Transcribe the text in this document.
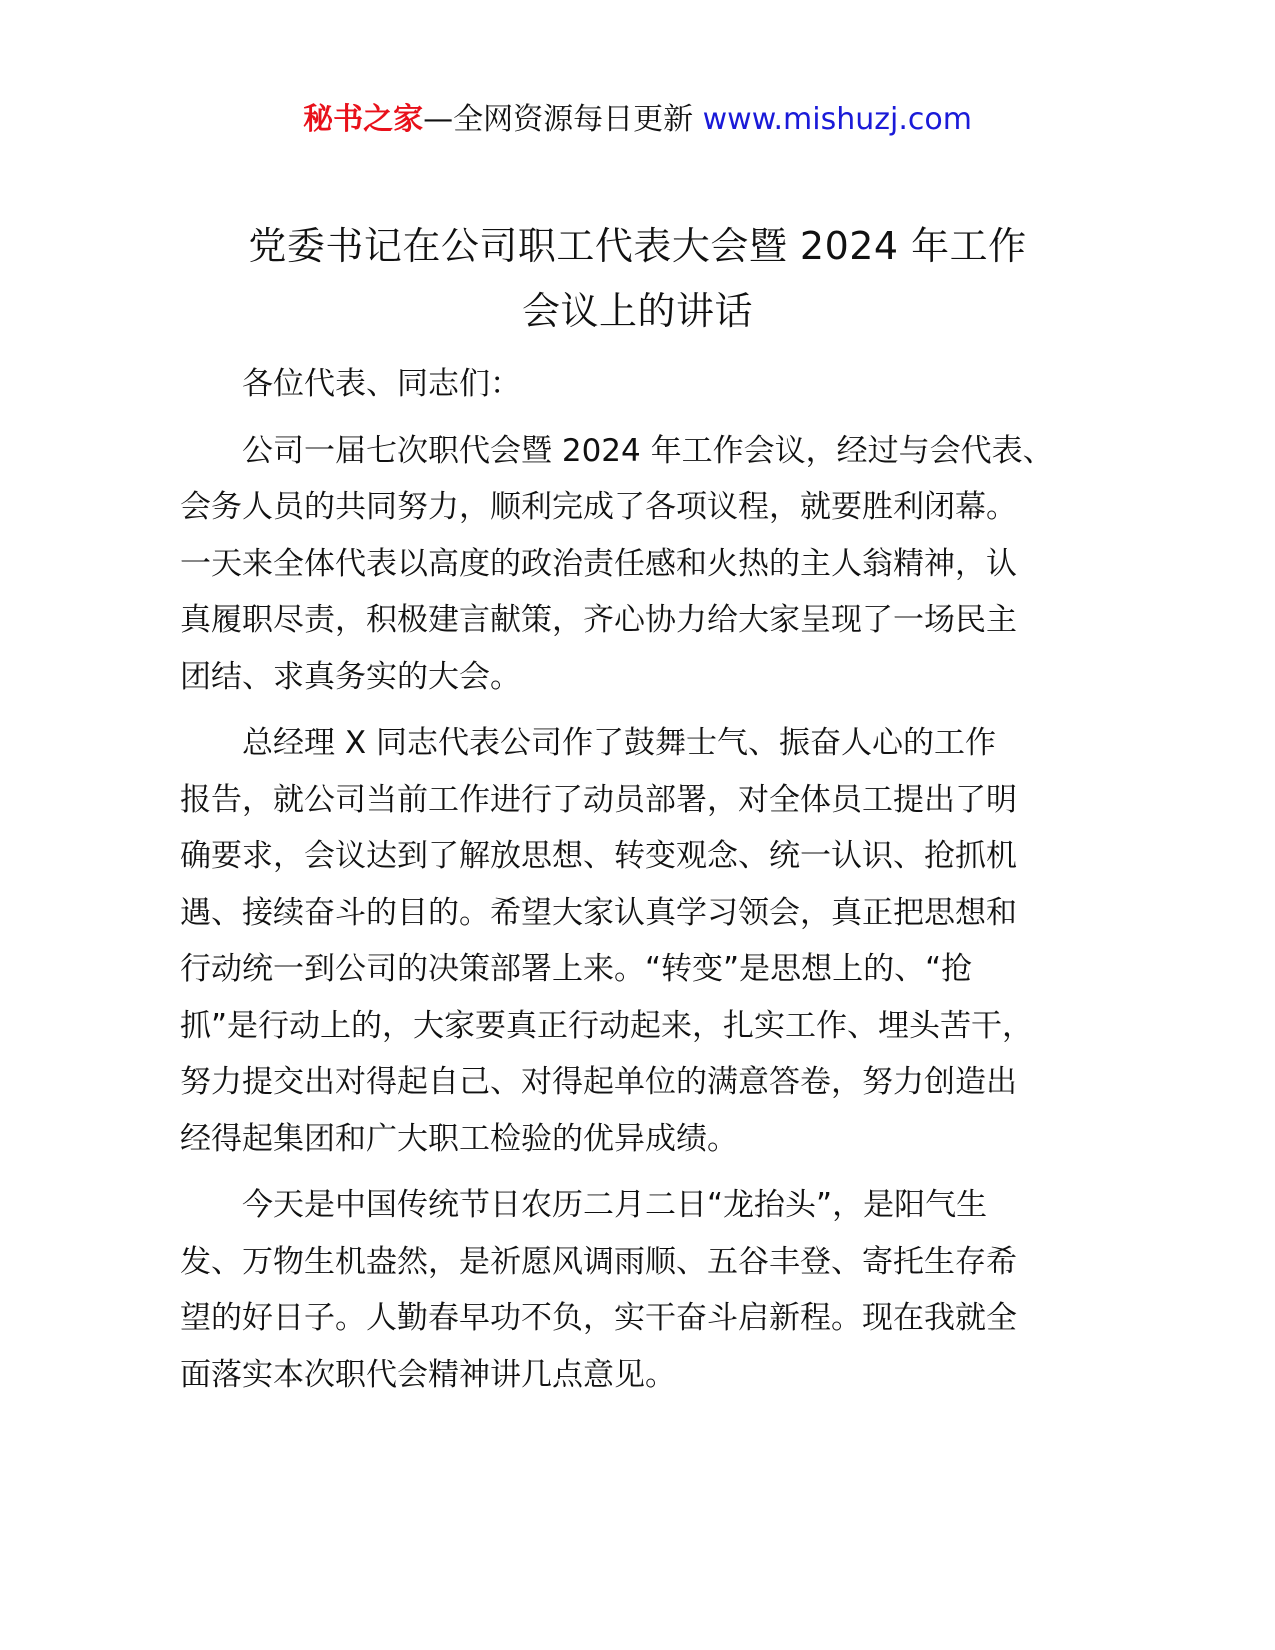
秘书之家—全网资源每日更新 www.mishuzj.com
党委书记在公司职工代表大会暨 2024 年工作
会议上的讲话

各位代表、同志们：

公司一届七次职代会暨 2024 年工作会议，经过与会代表、
会务人员的共同努力，顺利完成了各项议程，就要胜利闭幕。
一天来全体代表以高度的政治责任感和火热的主人翁精神，认
真履职尽责，积极建言献策，齐心协力给大家呈现了一场民主
团结、求真务实的大会。

总经理 X 同志代表公司作了鼓舞士气、振奋人心的工作
报告，就公司当前工作进行了动员部署，对全体员工提出了明
确要求，会议达到了解放思想、转变观念、统一认识、抢抓机
遇、接续奋斗的目的。希望大家认真学习领会，真正把思想和
行动统一到公司的决策部署上来。“转变”是思想上的、“抢
抓”是行动上的，大家要真正行动起来，扎实工作、埋头苦干，
努力提交出对得起自己、对得起单位的满意答卷，努力创造出
经得起集团和广大职工检验的优异成绩。

今天是中国传统节日农历二月二日“龙抬头”，是阳气生
发、万物生机盎然，是祈愿风调雨顺、五谷丰登、寄托生存希
望的好日子。人勤春早功不负，实干奋斗启新程。现在我就全
面落实本次职代会精神讲几点意见。
